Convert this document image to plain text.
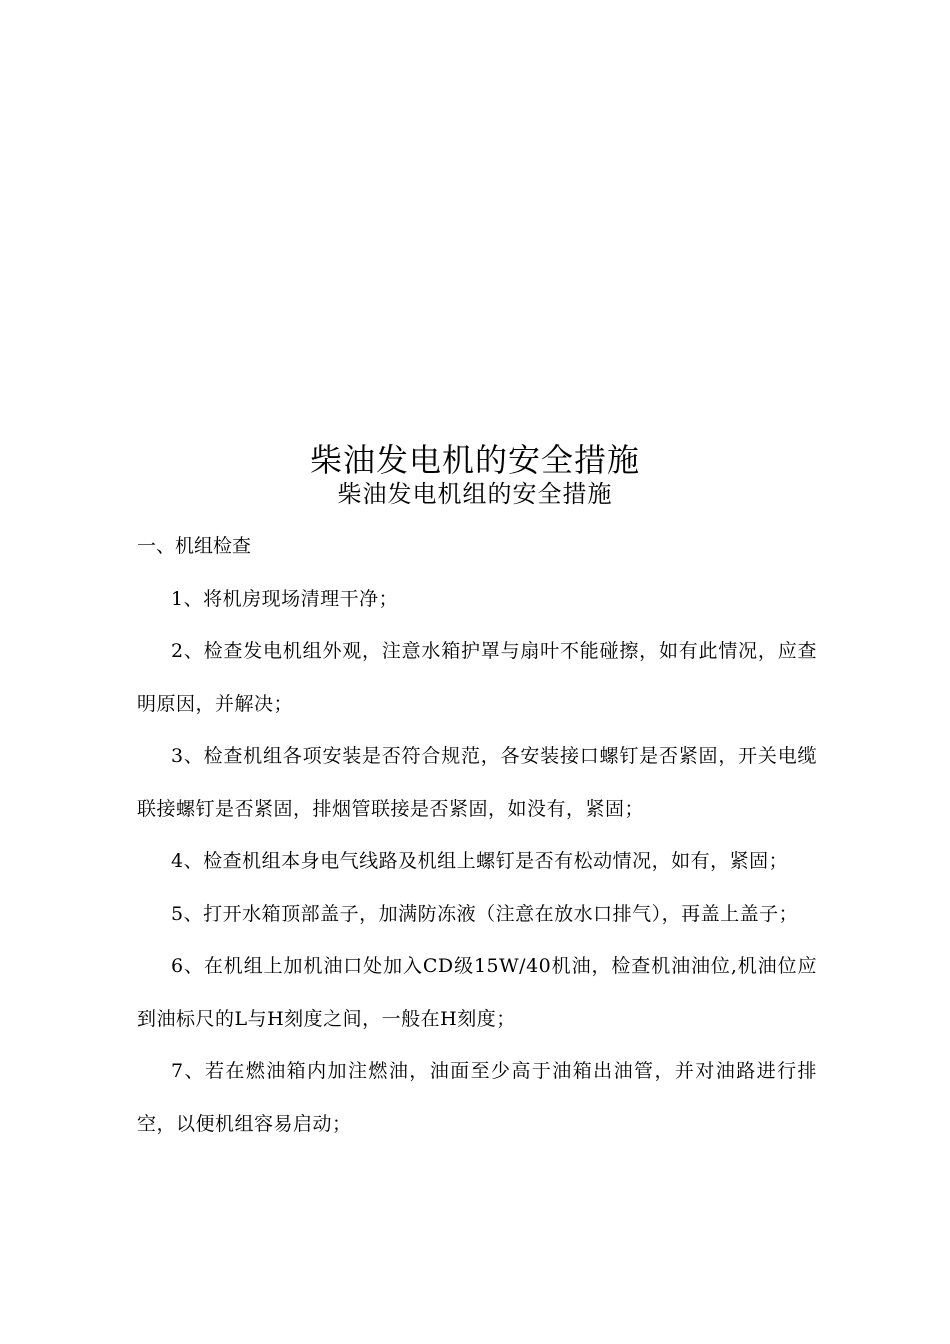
柴油发电机的安全措施
柴油发电机组的安全措施

一、机组检查

1、将机房现场清理干净；

2、检查发电机组外观，注意水箱护罩与扇叶不能碰擦，如有此情况，应查明原因，并解决；

3、检查机组各项安装是否符合规范，各安装接口螺钉是否紧固，开关电缆联接螺钉是否紧固，排烟管联接是否紧固，如没有，紧固；

4、检查机组本身电气线路及机组上螺钉是否有松动情况，如有，紧固；

5、打开水箱顶部盖子，加满防冻液（注意在放水口排气），再盖上盖子；

6、在机组上加机油口处加入CD级15W/40机油，检查机油油位,机油位应到油标尺的L与H刻度之间，一般在H刻度；

7、若在燃油箱内加注燃油，油面至少高于油箱出油管，并对油路进行排空，以便机组容易启动；
